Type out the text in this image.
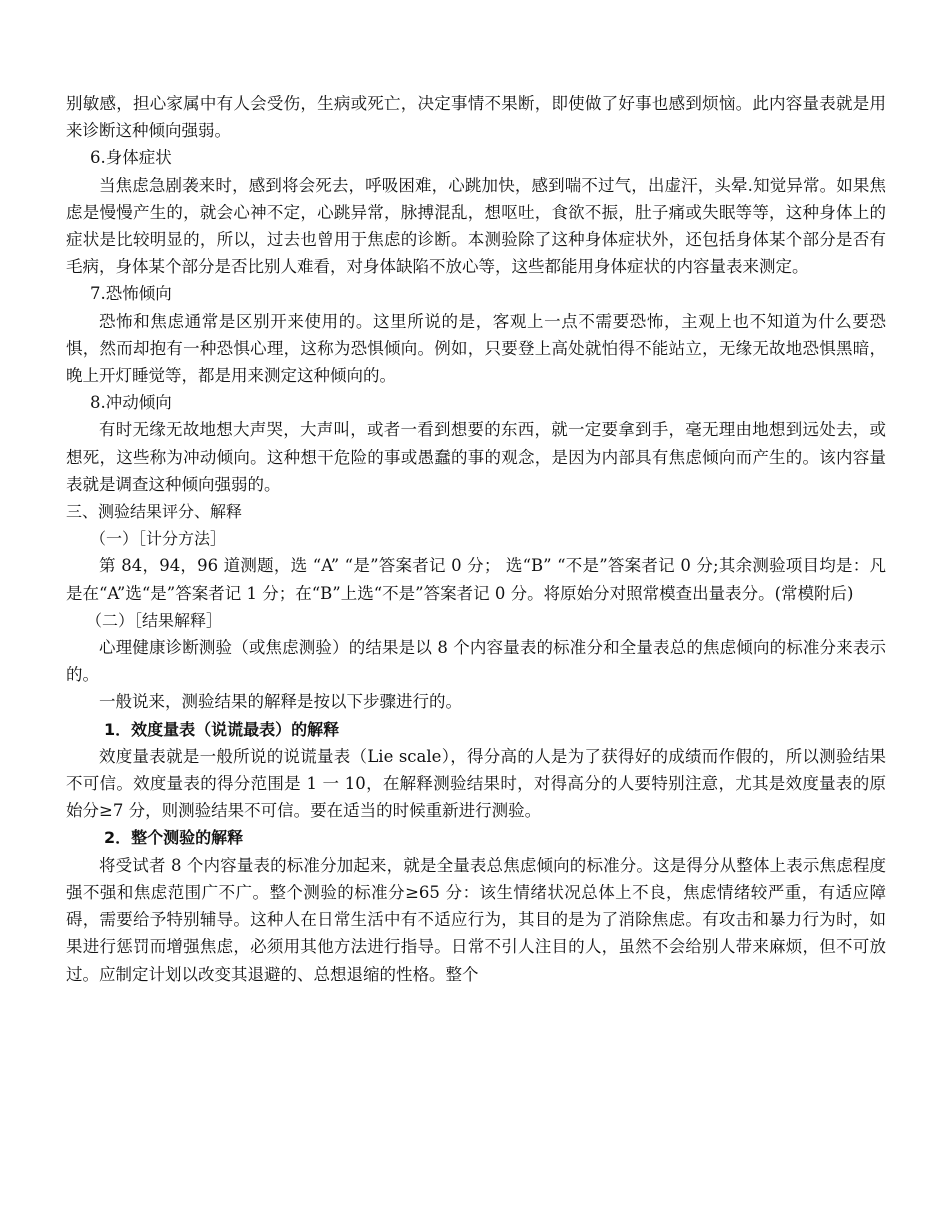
别敏感，担心家属中有人会受伤，生病或死亡，决定事情不果断，即使做了好事也感到烦恼。此内容量表就是用来诊断这种倾向强弱。

6.身体症状

当焦虑急剧袭来时，感到将会死去，呼吸困难，心跳加快，感到喘不过气，出虚汗，头晕.知觉异常。如果焦虑是慢慢产生的，就会心神不定，心跳异常，脉搏混乱，想呕吐，食欲不振，肚子痛或失眠等等，这种身体上的症状是比较明显的，所以，过去也曾用于焦虑的诊断。本测验除了这种身体症状外，还包括身体某个部分是否有毛病，身体某个部分是否比别人难看，对身体缺陷不放心等，这些都能用身体症状的内容量表来测定。

7.恐怖倾向

恐怖和焦虑通常是区别开来使用的。这里所说的是，客观上一点不需要恐怖，主观上也不知道为什么要恐惧，然而却抱有一种恐惧心理，这称为恐惧倾向。例如，只要登上高处就怕得不能站立，无缘无故地恐惧黑暗，晚上开灯睡觉等，都是用来测定这种倾向的。

8.冲动倾向

有时无缘无故地想大声哭，大声叫，或者一看到想要的东西，就一定要拿到手，毫无理由地想到远处去，或想死，这些称为冲动倾向。这种想干危险的事或愚蠢的事的观念，是因为内部具有焦虑倾向而产生的。该内容量表就是调查这种倾向强弱的。

三、测验结果评分、解释

（一）［计分方法］

第 84，94，96 道测题，选 “A” “是”答案者记 0 分； 选“B” “不是”答案者记 0 分;其余测验项目均是：凡是在“A”选“是”答案者记 1 分；在“B”上选“不是”答案者记 0 分。将原始分对照常模查出量表分。(常模附后)

（二）［结果解释］

心理健康诊断测验（或焦虑测验）的结果是以 8 个内容量表的标准分和全量表总的焦虑倾向的标准分来表示的。

一般说来，测验结果的解释是按以下步骤进行的。

1．效度量表（说谎最表）的解释

效度量表就是一般所说的说谎量表（Lie scale），得分高的人是为了获得好的成绩而作假的，所以测验结果不可信。效度量表的得分范围是 1 一 10，在解释测验结果时，对得高分的人要特别注意，尤其是效度量表的原始分≥7 分，则测验结果不可信。要在适当的时候重新进行测验。

2．整个测验的解释

将受试者 8 个内容量表的标准分加起来，就是全量表总焦虑倾向的标准分。这是得分从整体上表示焦虑程度强不强和焦虑范围广不广。整个测验的标准分≥65 分：该生情绪状况总体上不良，焦虑情绪较严重，有适应障碍，需要给予特别辅导。这种人在日常生活中有不适应行为，其目的是为了消除焦虑。有攻击和暴力行为时，如果进行惩罚而增强焦虑，必须用其他方法进行指导。日常不引人注目的人，虽然不会给别人带来麻烦，但不可放过。应制定计划以改变其退避的、总想退缩的性格。整个
